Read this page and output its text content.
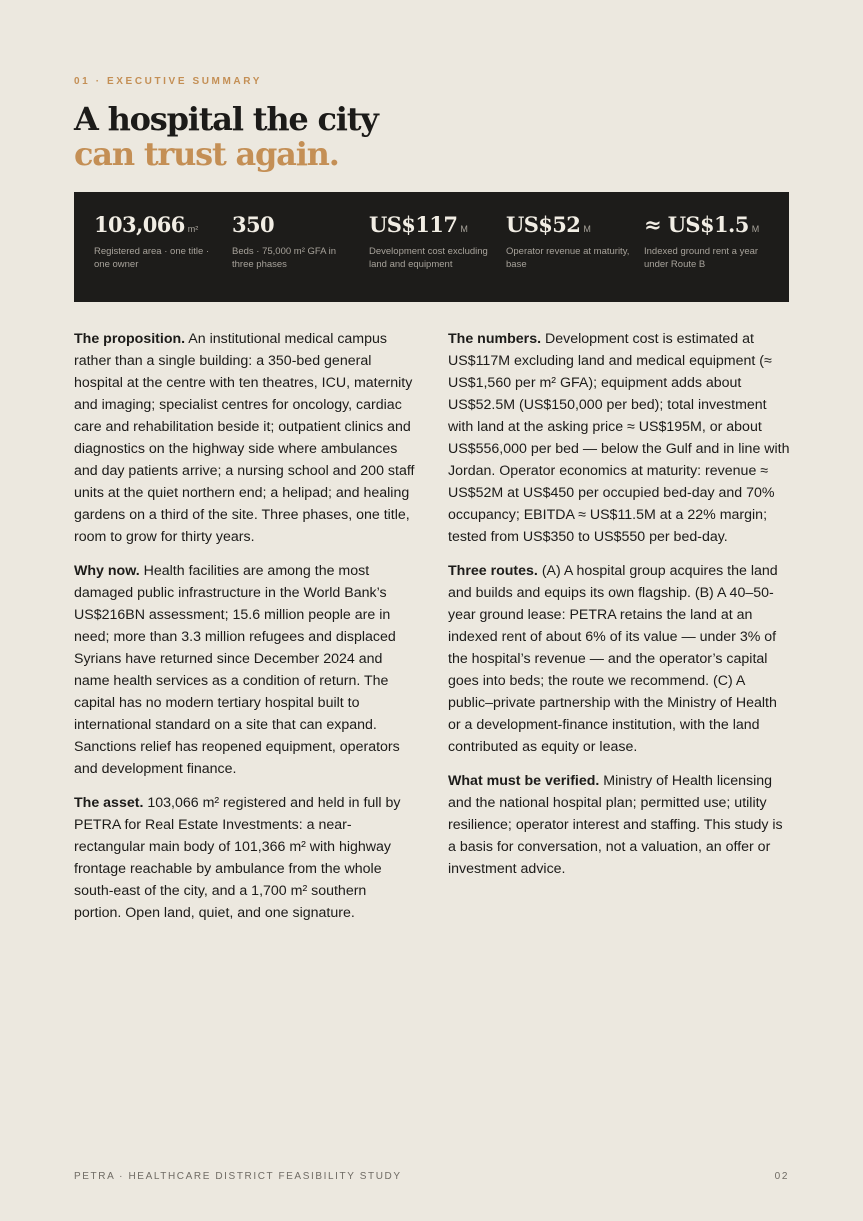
01 · EXECUTIVE SUMMARY
A hospital the city
can trust again.
103,066 m²
Registered area · one title · one owner
350
Beds · 75,000 m² GFA in three phases
US$117 M
Development cost excluding land and equipment
US$52 M
Operator revenue at maturity, base
≈ US$1.5 M
Indexed ground rent a year under Route B

The proposition. An institutional medical campus rather than a single building: a 350-bed general hospital at the centre with ten theatres, ICU, maternity and imaging; specialist centres for oncology, cardiac care and rehabilitation beside it; outpatient clinics and diagnostics on the highway side where ambulances and day patients arrive; a nursing school and 200 staff units at the quiet northern end; a helipad; and healing gardens on a third of the site. Three phases, one title, room to grow for thirty years.

Why now. Health facilities are among the most damaged public infrastructure in the World Bank’s US$216BN assessment; 15.6 million people are in need; more than 3.3 million refugees and displaced Syrians have returned since December 2024 and name health services as a condition of return. The capital has no modern tertiary hospital built to international standard on a site that can expand. Sanctions relief has reopened equipment, operators and development finance.

The asset. 103,066 m² registered and held in full by PETRA for Real Estate Investments: a near-rectangular main body of 101,366 m² with highway frontage reachable by ambulance from the whole south-east of the city, and a 1,700 m² southern portion. Open land, quiet, and one signature.

The numbers. Development cost is estimated at US$117M excluding land and medical equipment (≈ US$1,560 per m² GFA); equipment adds about US$52.5M (US$150,000 per bed); total investment with land at the asking price ≈ US$195M, or about US$556,000 per bed — below the Gulf and in line with Jordan. Operator economics at maturity: revenue ≈ US$52M at US$450 per occupied bed-day and 70% occupancy; EBITDA ≈ US$11.5M at a 22% margin; tested from US$350 to US$550 per bed-day.

Three routes. (A) A hospital group acquires the land and builds and equips its own flagship. (B) A 40–50-year ground lease: PETRA retains the land at an indexed rent of about 6% of its value — under 3% of the hospital’s revenue — and the operator’s capital goes into beds; the route we recommend. (C) A public–private partnership with the Ministry of Health or a development-finance institution, with the land contributed as equity or lease.

What must be verified. Ministry of Health licensing and the national hospital plan; permitted use; utility resilience; operator interest and staffing. This study is a basis for conversation, not a valuation, an offer or investment advice.

PETRA · HEALTHCARE DISTRICT FEASIBILITY STUDY	02
